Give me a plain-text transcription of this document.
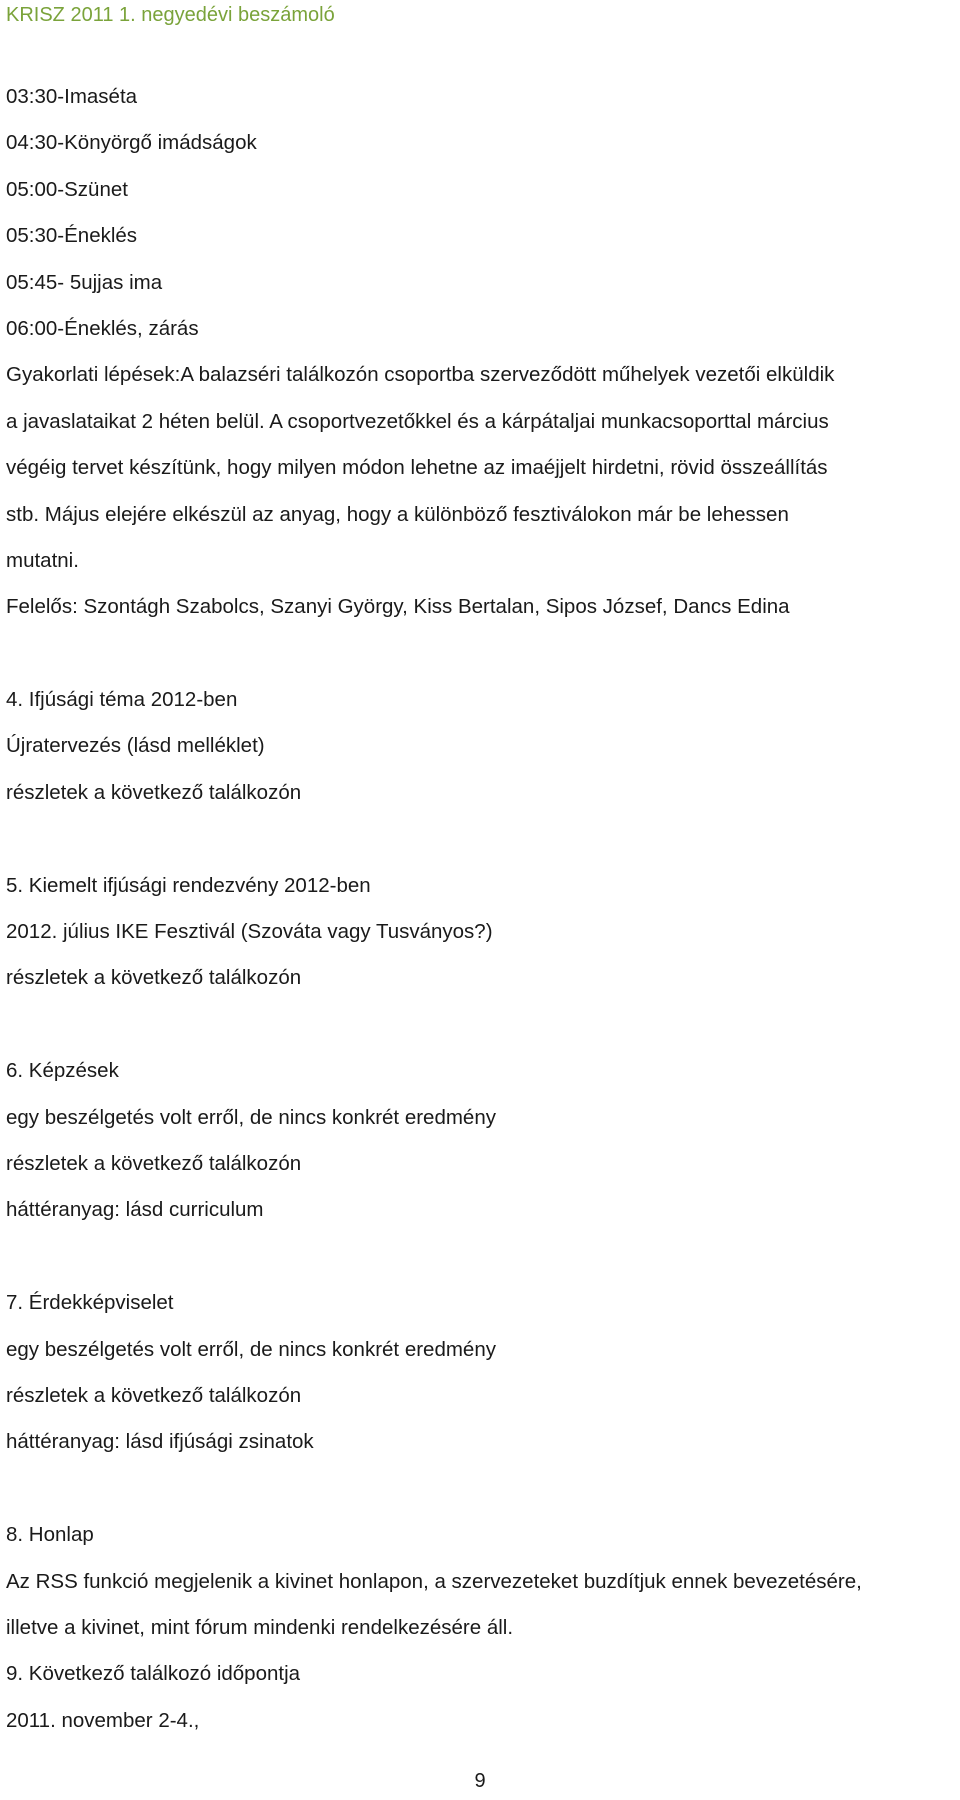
KRISZ 2011 1. negyedévi beszámoló
03:30-Imaséta
04:30-Könyörgő imádságok
05:00-Szünet
05:30-Éneklés
05:45- 5ujjas ima
06:00-Éneklés, zárás
Gyakorlati lépések:A balazséri találkozón csoportba szerveződött műhelyek vezetői elküldik
a javaslataikat 2 héten belül. A csoportvezetőkkel és a kárpátaljai munkacsoporttal március
végéig tervet készítünk, hogy milyen módon lehetne az imaéjjelt hirdetni, rövid összeállítás
stb. Május elejére elkészül az anyag, hogy a különböző fesztiválokon már be lehessen
mutatni.
Felelős: Szontágh Szabolcs, Szanyi György, Kiss Bertalan, Sipos József, Dancs Edina
4. Ifjúsági téma 2012-ben
Újratervezés (lásd melléklet)
részletek a következő találkozón
5. Kiemelt ifjúsági rendezvény 2012-ben
2012. július IKE Fesztivál (Szováta vagy Tusványos?)
részletek a következő találkozón
6. Képzések
egy beszélgetés volt erről, de nincs konkrét eredmény
részletek a következő találkozón
háttéranyag: lásd curriculum
7. Érdekképviselet
egy beszélgetés volt erről, de nincs konkrét eredmény
részletek a következő találkozón
háttéranyag: lásd ifjúsági zsinatok
8. Honlap
Az RSS funkció megjelenik a kivinet honlapon, a szervezeteket buzdítjuk ennek bevezetésére,
illetve a kivinet, mint fórum mindenki rendelkezésére áll.
9. Következő találkozó időpontja
2011. november 2-4.,
9
